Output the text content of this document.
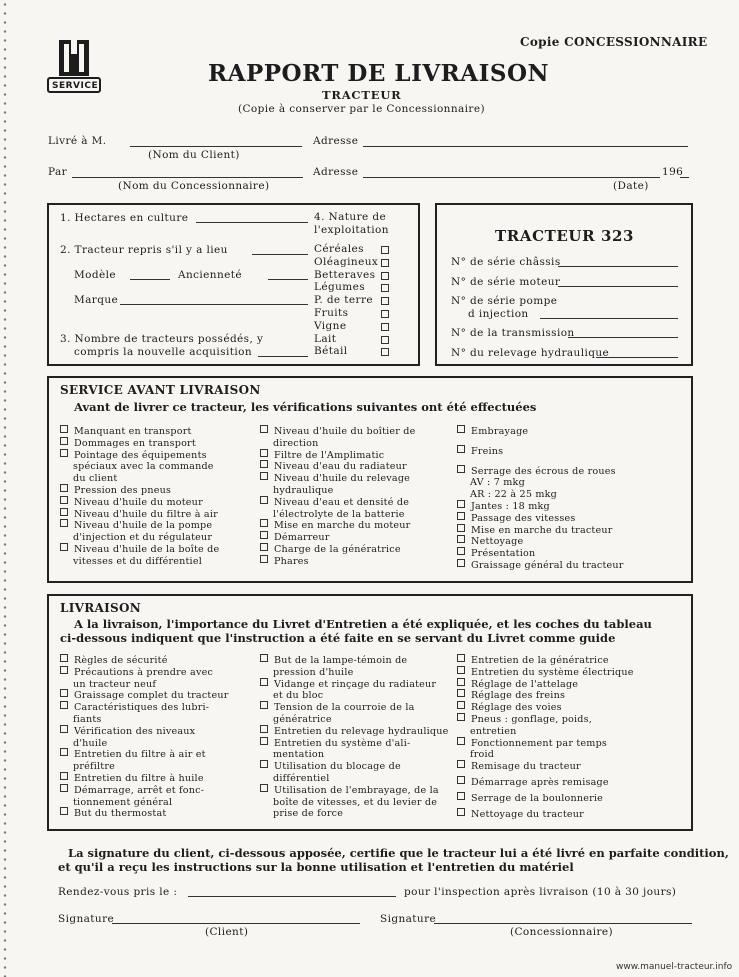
SERVICE
Copie CONCESSIONNAIRE
RAPPORT DE LIVRAISON
TRACTEUR
(Copie à conserver par le Concessionnaire)
Livré à M.	Adresse
(Nom du Client)
Par	Adresse	196
(Nom du Concessionnaire)	(Date)
1. Hectares en culture
2. Tracteur repris s'il y a lieu
Modèle	Ancienneté
Marque
3. Nombre de tracteurs possédés, y
compris la nouvelle acquisition
4. Nature de
l'exploitation
Céréales
Oléagineux
Betteraves
Légumes
P. de terre
Fruits
Vigne
Lait
Bétail
TRACTEUR 323
N° de série châssis
N° de série moteur
N° de série pompe
d injection
N° de la transmission
N° du relevage hydraulique
SERVICE AVANT LIVRAISON
Avant de livrer ce tracteur, les vérifications suivantes ont été effectuées
Manquant en transport
Dommages en transport
Pointage des équipements
spéciaux avec la commande
du client
Pression des pneus
Niveau d'huile du moteur
Niveau d'huile du filtre à air
Niveau d'huile de la pompe
d'injection et du régulateur
Niveau d'huile de la boîte de
vitesses et du différentiel
Niveau d'huile du boîtier de
direction
Filtre de l'Amplimatic
Niveau d'eau du radiateur
Niveau d'huile du relevage
hydraulique
Niveau d'eau et densité de
l'électrolyte de la batterie
Mise en marche du moteur
Démarreur
Charge de la génératrice
Phares
Embrayage
Freins
Serrage des écrous de roues
AV : 7 mkg
AR : 22 à 25 mkg
Jantes : 18 mkg
Passage des vitesses
Mise en marche du tracteur
Nettoyage
Présentation
Graissage général du tracteur
LIVRAISON
A la livraison, l'importance du Livret d'Entretien a été expliquée, et les coches du tableau
ci-dessous indiquent que l'instruction a été faite en se servant du Livret comme guide
Règles de sécurité
Précautions à prendre avec
un tracteur neuf
Graissage complet du tracteur
Caractéristiques des lubri-
fiants
Vérification des niveaux
d'huile
Entretien du filtre à air et
préfiltre
Entretien du filtre à huile
Démarrage, arrêt et fonc-
tionnement général
But du thermostat
But de la lampe-témoin de
pression d'huile
Vidange et rinçage du radiateur
et du bloc
Tension de la courroie de la
génératrice
Entretien du relevage hydraulique
Entretien du système d'ali-
mentation
Utilisation du blocage de
différentiel
Utilisation de l'embrayage, de la
boîte de vitesses, et du levier de
prise de force
Entretien de la génératrice
Entretien du système électrique
Réglage de l'attelage
Réglage des freins
Réglage des voies
Pneus : gonflage, poids,
entretien
Fonctionnement par temps
froid
Remisage du tracteur
Démarrage après remisage
Serrage de la boulonnerie
Nettoyage du tracteur
La signature du client, ci-dessous apposée, certifie que le tracteur lui a été livré en parfaite condition,
et qu'il a reçu les instructions sur la bonne utilisation et l'entretien du matériel
Rendez-vous pris le :	pour l'inspection après livraison (10 à 30 jours)
Signature	Signature
(Client)	(Concessionnaire)
www.manuel-tracteur.info
